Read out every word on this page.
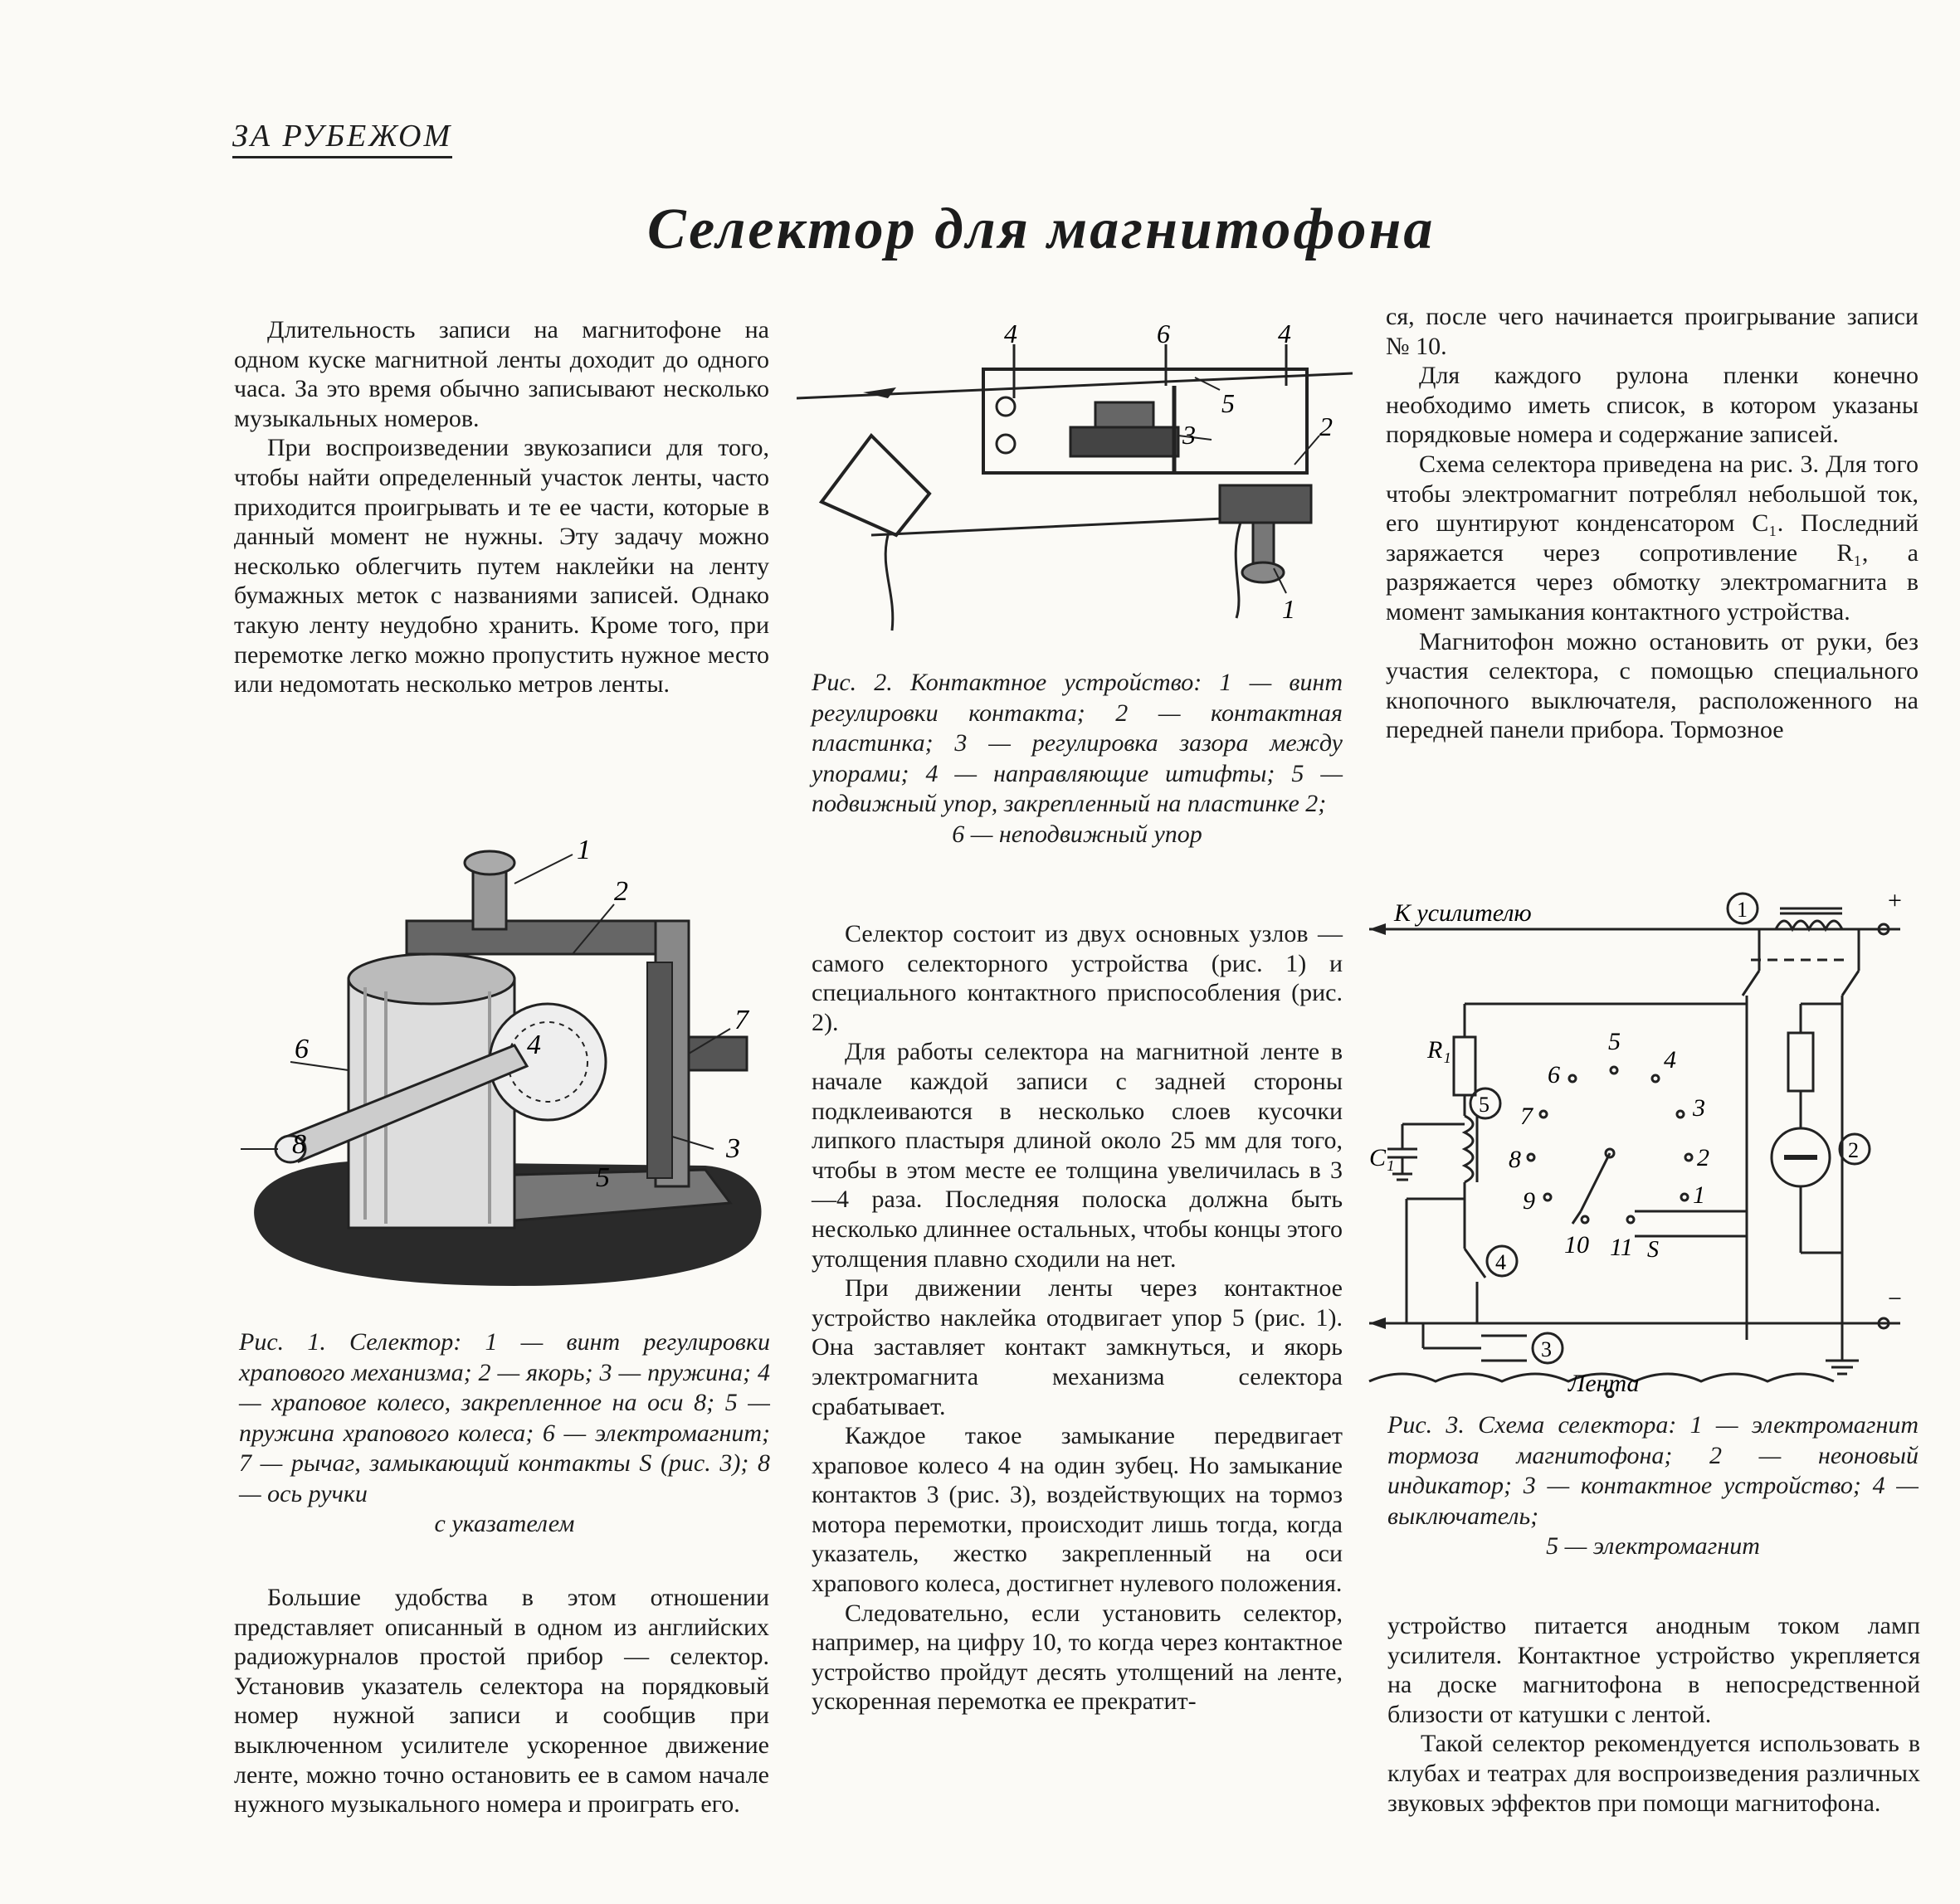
ЗА РУБЕЖОМ
Селектор для магнитофона

Длительность записи на магнитофоне на одном куске магнитной ленты доходит до одного часа. За это время обычно записывают несколько музыкальных номеров.

При воспроизведении звукозаписи для того, чтобы найти определенный участок ленты, часто приходится проигрывать и те ее части, которые в данный момент не нужны. Эту задачу можно несколько облегчить путем наклейки на ленту бумажных меток с названиями записей. Однако такую ленту неудобно хранить. Кроме того, при перемотке легко можно пропустить нужное место или недомотать несколько метров ленты.

1
2
4
6
7
8	3
5
Рис. 1. Селектор: 1 — винт регулировки храпового механизма; 2 — якорь; 3 — пружина; 4 — храповое колесо, закрепленное на оси 8; 5 — пружина храпового колеса; 6 — электромагнит; 7 — рычаг, замыкающий контакты S (рис. 3); 8 — ось ручки
с указателем

Большие удобства в этом отношении представляет описанный в одном из английских радиожурналов простой прибор — селектор. Установив указатель селектора на порядковый номер нужной записи и сообщив при выключенном усилителе ускоренное движение ленте, можно точно остановить ее в самом начале нужного музыкального номера и проиграть его.

4	6	4
3
5
2
1
Рис. 2. Контактное устройство: 1 — винт регулировки контакта; 2 — контактная пластинка; 3 — регулировка зазора между упорами; 4 — направляющие штифты; 5 — подвижный упор, закрепленный на пластинке 2;
6 — неподвижный упор

Селектор состоит из двух основных узлов — самого селекторного устройства (рис. 1) и специального контактного приспособления (рис. 2).

Для работы селектора на магнитной ленте в начале каждой записи с задней стороны подклеиваются в несколько слоев кусочки липкого пластыря длиной около 25 мм для того, чтобы в этом месте ее толщина увеличилась в 3—4 раза. Последняя полоска должна быть несколько длиннее остальных, чтобы концы этого утолщения плавно сходили на нет.

При движении ленты через контактное устройство наклейка отодвигает упор 5 (рис. 1). Она заставляет контакт замкнуться, и якорь электромагнита механизма селектора срабатывает.

Каждое такое замыкание передвигает храповое колесо 4 на один зубец. Но замыкание контактов 3 (рис. 3), воздействующих на тормоз мотора перемотки, происходит лишь тогда, когда указатель, жестко закрепленный на оси храпового колеса, достигнет нулевого положения.

Следовательно, если установить селектор, например, на цифру 10, то когда через контактное устройство пройдут десять утолщений на ленте, ускоренная перемотка ее прекратит-

ся, после чего начинается проигрывание записи № 10.

Для каждого рулона пленки конечно необходимо иметь список, в котором указаны порядковые номера и содержание записей.

Схема селектора приведена на рис. 3. Для того чтобы электромагнит потреблял небольшой ток, его шунтируют конденсатором C₁. Последний заряжается через сопротивление R₁, а разряжается через обмотку электромагнита в момент замыкания контактного устройства.

Магнитофон можно остановить от руки, без участия селектора, с помощью специального кнопочного выключателя, расположенного на передней панели прибора. Тормозное

К усилителю
Лента
+
−
R₁
C₁
S
5
6
4
7	3
8	2
9	1
10 11
1
2
3
4
5
Рис. 3. Схема селектора: 1 — электромагнит тормоза магнитофона; 2 — неоновый индикатор; 3 — контактное устройство; 4 — выключатель;
5 — электромагнит

устройство питается анодным током ламп усилителя. Контактное устройство укрепляется на доске магнитофона в непосредственной близости от катушки с лентой.

Такой селектор рекомендуется использовать в клубах и театрах для воспроизведения различных звуковых эффектов при помощи магнитофона.
